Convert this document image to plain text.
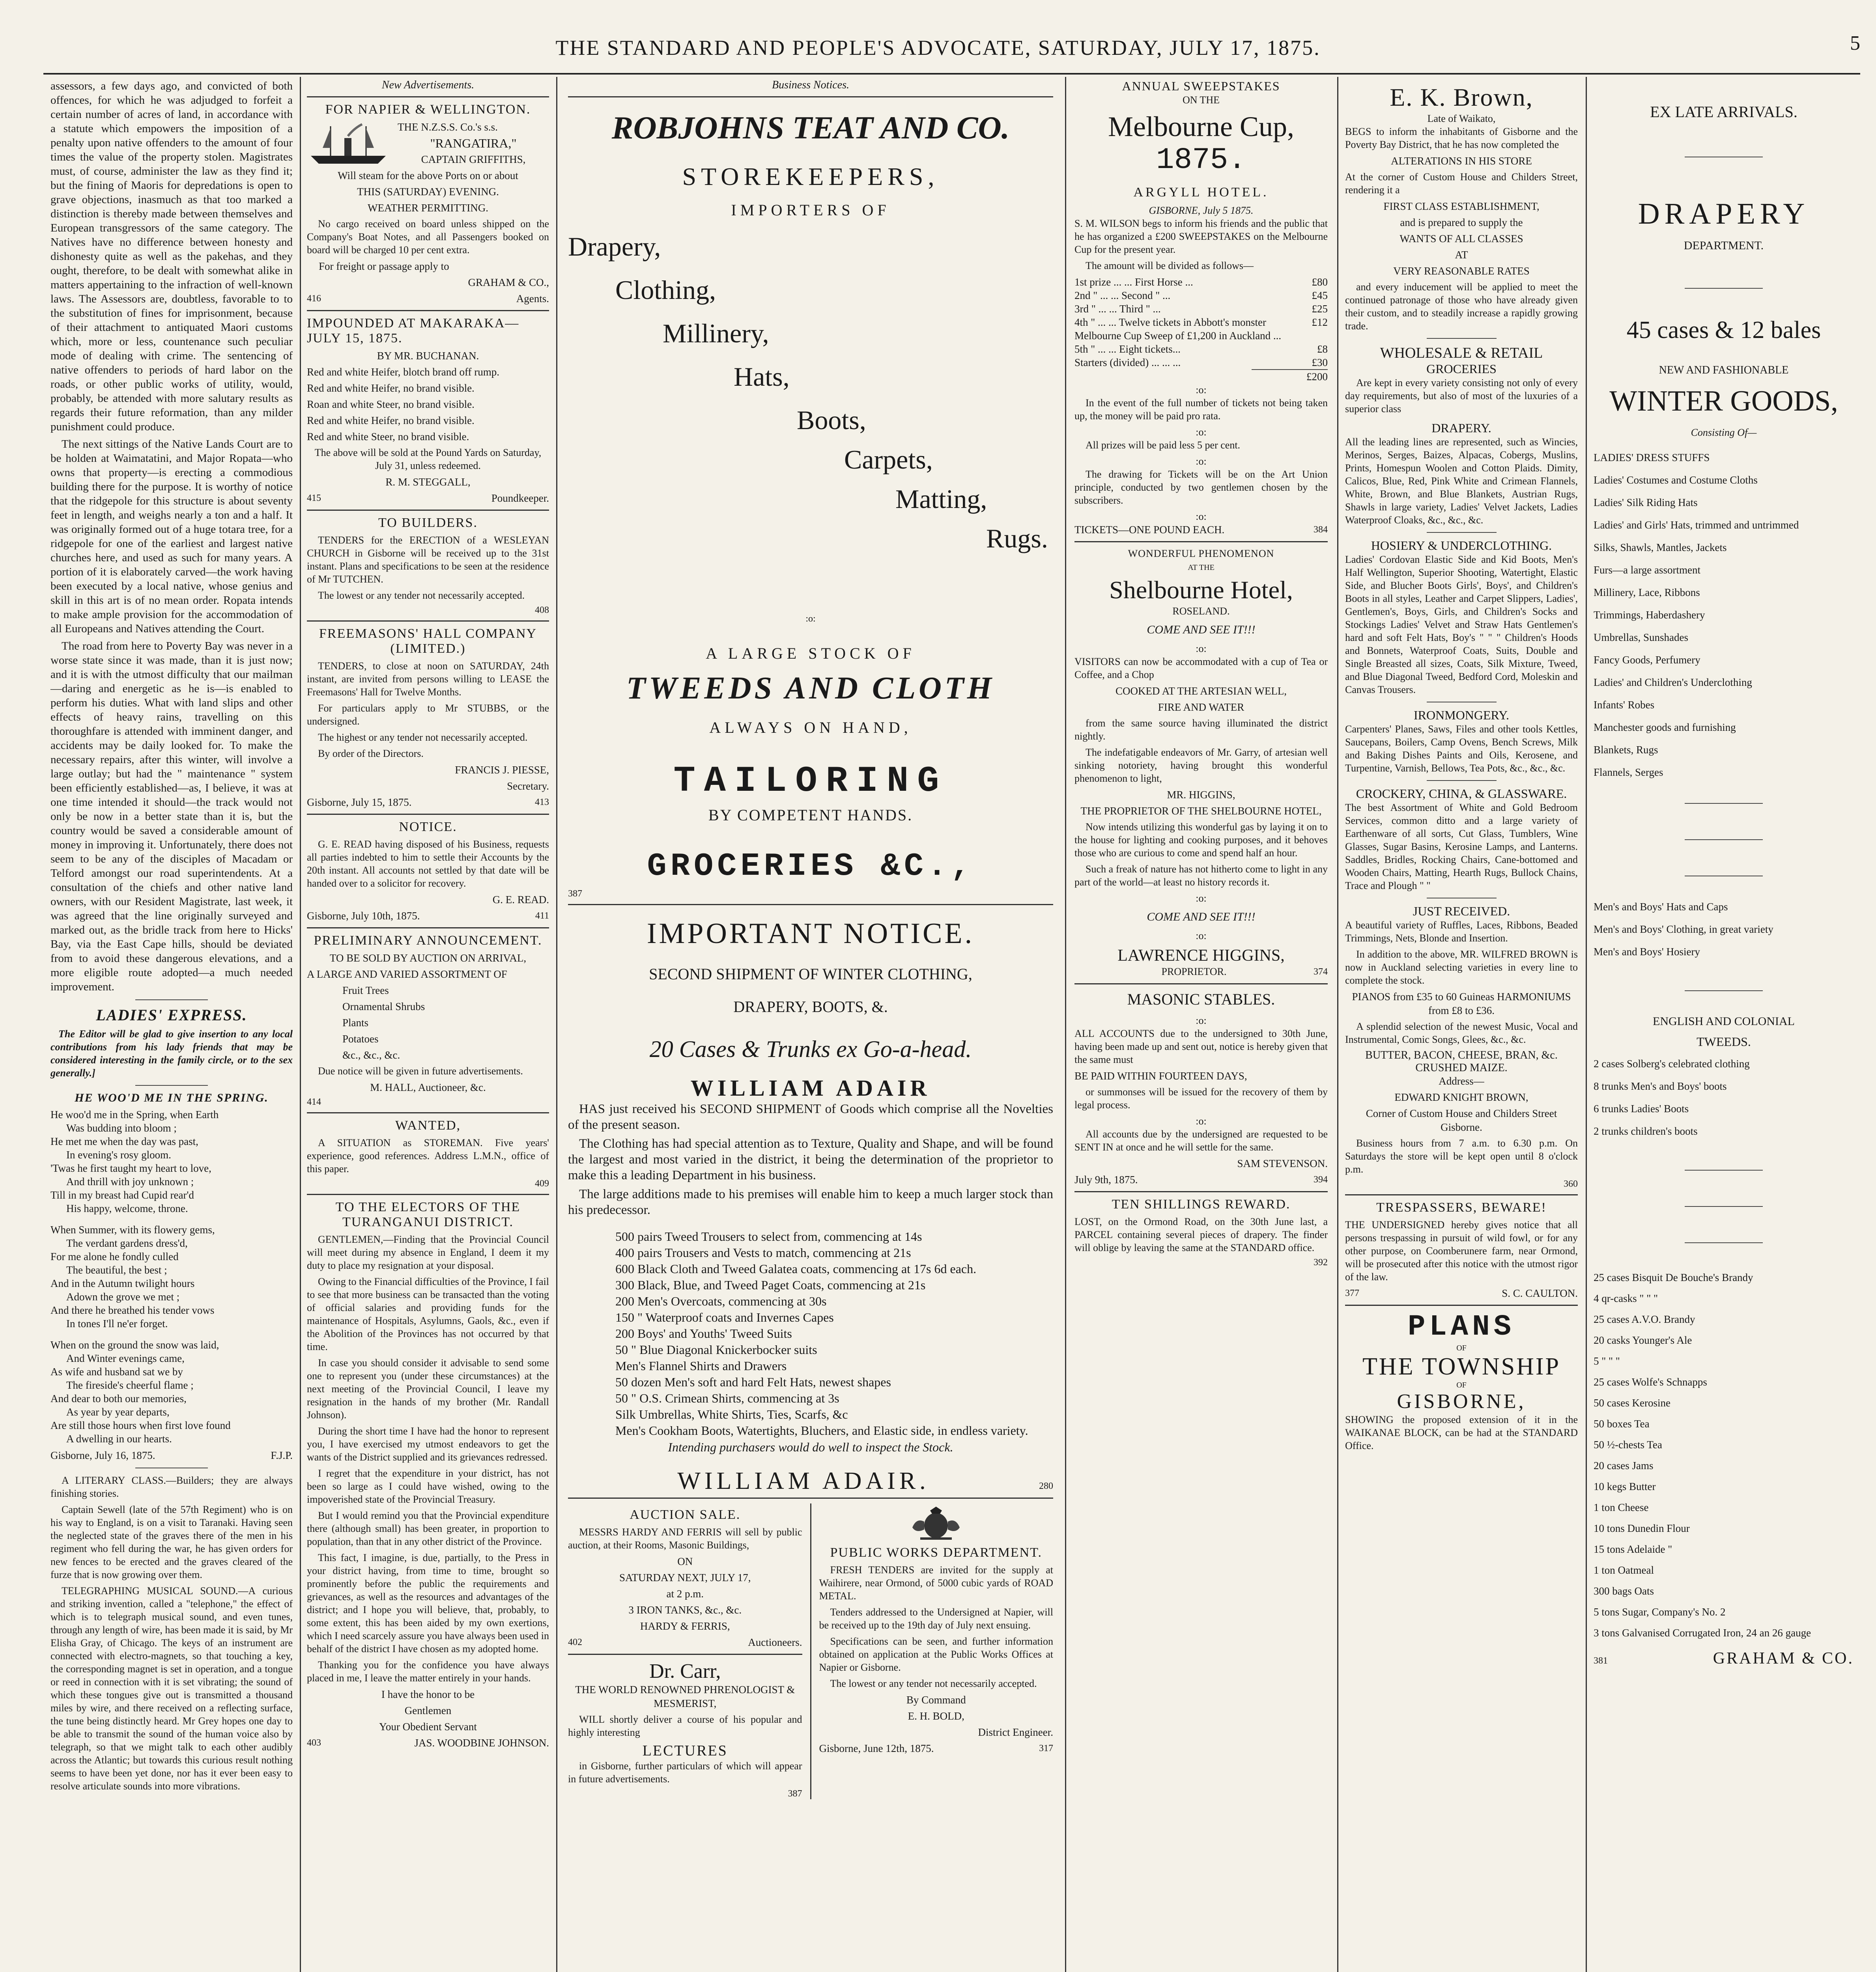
THE STANDARD AND PEOPLE'S ADVOCATE, SATURDAY, JULY 17, 1875.	5

assessors, a few days ago, and convicted of both offences, for which he was adjudged to forfeit a certain number of acres of land, in accordance with a statute which empowers the imposition of a penalty upon native offenders to the amount of four times the value of the property stolen. Magistrates must, of course, administer the law as they find it; but the fining of Maoris for depredations is open to grave objections, inasmuch as that too marked a distinction is thereby made between themselves and European transgressors of the same category. The Natives have no difference between honesty and dishonesty quite as well as the pakehas, and they ought, therefore, to be dealt with somewhat alike in matters appertaining to the infraction of well-known laws. The Assessors are, doubtless, favorable to to the substitution of fines for imprisonment, because of their attachment to antiquated Maori customs which, more or less, countenance such peculiar mode of dealing with crime. The sentencing of native offenders to periods of hard labor on the roads, or other public works of utility, would, probably, be attended with more salutary results as regards their future reformation, than any milder punishment could produce.

The next sittings of the Native Lands Court are to be holden at Waimatatini, and Major Ropata—who owns that property—is erecting a commodious building there for the purpose. It is worthy of notice that the ridgepole for this structure is about seventy feet in length, and weighs nearly a ton and a half. It was originally formed out of a huge totara tree, for a ridgepole for one of the earliest and largest native churches here, and used as such for many years. A portion of it is elaborately carved—the work having been executed by a local native, whose genius and skill in this art is of no mean order. Ropata intends to make ample provision for the accommodation of all Europeans and Natives attending the Court.

The road from here to Poverty Bay was never in a worse state since it was made, than it is just now; and it is with the utmost difficulty that our mailman—daring and energetic as he is—is enabled to perform his duties. What with land slips and other effects of heavy rains, travelling on this thoroughfare is attended with imminent danger, and accidents may be daily looked for. To make the necessary repairs, after this winter, will involve a large outlay; but had the " maintenance " system been efficiently established—as, I believe, it was at one time intended it should—the track would not only be now in a better state than it is, but the country would be saved a considerable amount of money in improving it. Unfortunately, there does not seem to be any of the disciples of Macadam or Telford amongst our road superintendents. At a consultation of the chiefs and other native land owners, with our Resident Magistrate, last week, it was agreed that the line originally surveyed and marked out, as the bridle track from here to Hicks' Bay, via the East Cape hills, should be deviated from to avoid these dangerous elevations, and a more eligible route adopted—a much needed improvement.

LADIES' EXPRESS.

The Editor will be glad to give insertion to any local contributions from his lady friends that may be considered interesting in the family circle, or to the sex generally.]

HE WOO'D ME IN THE SPRING.

He woo'd me in the Spring, when Earth

Was budding into bloom ;

He met me when the day was past,

In evening's rosy gloom.

'Twas he first taught my heart to love,

And thrill with joy unknown ;

Till in my breast had Cupid rear'd

His happy, welcome, throne.

When Summer, with its flowery gems,

The verdant gardens dress'd,

For me alone he fondly culled

The beautiful, the best ;

And in the Autumn twilight hours

Adown the grove we met ;

And there he breathed his tender vows

In tones I'll ne'er forget.

When on the ground the snow was laid,

And Winter evenings came,

As wife and husband sat we by

The fireside's cheerful flame ;

And dear to both our memories,

As year by year departs,

Are still those hours when first love found

A dwelling in our hearts.

Gisborne, July 16, 1875.	F.J.P.

A LITERARY CLASS.—Builders; they are always finishing stories.

Captain Sewell (late of the 57th Regiment) who is on his way to England, is on a visit to Taranaki. Having seen the neglected state of the graves there of the men in his regiment who fell during the war, he has given orders for new fences to be erected and the graves cleared of the furze that is now growing over them.

TELEGRAPHING MUSICAL SOUND.—A curious and striking invention, called a "telephone," the effect of which is to telegraph musical sound, and even tunes, through any length of wire, has been made it is said, by Mr Elisha Gray, of Chicago. The keys of an instrument are connected with electro-magnets, so that touching a key, the corresponding magnet is set in operation, and a tongue or reed in connection with it is set vibrating; the sound of which these tongues give out is transmitted a thousand miles by wire, and there received on a reflecting surface, the tune being distinctly heard. Mr Grey hopes one day to be able to transmit the sound of the human voice also by telegraph, so that we might talk to each other audibly across the Atlantic; but towards this curious result nothing seems to have been yet done, nor has it ever been easy to resolve articulate sounds into more vibrations.

New Advertisements.
FOR NAPIER & WELLINGTON.

THE N.Z.S.S. Co.'s s.s.

"RANGATIRA,"

CAPTAIN GRIFFITHS,

Will steam for the above Ports on or about

THIS (SATURDAY) EVENING.

WEATHER PERMITTING.

No cargo received on board unless shipped on the Company's Boat Notes, and all Passengers booked on board will be charged 10 per cent extra.

For freight or passage apply to

GRAHAM & CO.,

416	Agents.
IMPOUNDED AT MAKARAKA— JULY 15, 1875.

BY MR. BUCHANAN.

Red and white Heifer, blotch brand off rump.

Red and white Heifer, no brand visible.

Roan and white Steer, no brand visible.

Red and white Heifer, no brand visible.

Red and white Steer, no brand visible.

The above will be sold at the Pound Yards on Saturday, July 31, unless redeemed.

R. M. STEGGALL,

415	Poundkeeper.
TO BUILDERS.

TENDERS for the ERECTION of a WESLEYAN CHURCH in Gisborne will be received up to the 31st instant. Plans and specifications to be seen at the residence of Mr TUTCHEN.

The lowest or any tender not necessarily accepted.

408
FREEMASONS' HALL COMPANY (LIMITED.)

TENDERS, to close at noon on SATURDAY, 24th instant, are invited from persons willing to LEASE the Freemasons' Hall for Twelve Months.

For particulars apply to Mr STUBBS, or the undersigned.

The highest or any tender not necessarily accepted.

By order of the Directors.

FRANCIS J. PIESSE,

Secretary.

Gisborne, July 15, 1875.	413
NOTICE.

G. E. READ having disposed of his Business, requests all parties indebted to him to settle their Accounts by the 20th instant. All accounts not settled by that date will be handed over to a solicitor for recovery.

G. E. READ.

Gisborne, July 10th, 1875.	411
PRELIMINARY ANNOUNCEMENT.

TO BE SOLD BY AUCTION ON ARRIVAL,

A LARGE AND VARIED ASSORTMENT OF

Fruit Trees

Ornamental Shrubs

Plants

Potatoes

&c., &c., &c.

Due notice will be given in future advertisements.

M. HALL, Auctioneer, &c.

414
WANTED,

A SITUATION as STOREMAN. Five years' experience, good references. Address L.M.N., office of this paper.

409
TO THE ELECTORS OF THE TURANGANUI DISTRICT.

GENTLEMEN,—Finding that the Provincial Council will meet during my absence in England, I deem it my duty to place my resignation at your disposal.

Owing to the Financial difficulties of the Province, I fail to see that more business can be transacted than the voting of official salaries and providing funds for the maintenance of Hospitals, Asylumns, Gaols, &c., even if the Abolition of the Provinces has not occurred by that time.

In case you should consider it advisable to send some one to represent you (under these circumstances) at the next meeting of the Provincial Council, I leave my resignation in the hands of my brother (Mr. Randall Johnson).

During the short time I have had the honor to represent you, I have exercised my utmost endeavors to get the wants of the District supplied and its grievances redressed.

I regret that the expenditure in your district, has not been so large as I could have wished, owing to the impoverished state of the Provincial Treasury.

But I would remind you that the Provincial expenditure there (although small) has been greater, in proportion to population, than that in any other district of the Province.

This fact, I imagine, is due, partially, to the Press in your district having, from time to time, brought so prominently before the public the requirements and grievances, as well as the resources and advantages of the district; and I hope you will believe, that, probably, to some extent, this has been aided by my own exertions, which I need scarcely assure you have always been used in behalf of the district I have chosen as my adopted home.

Thanking you for the confidence you have always placed in me, I leave the matter entirely in your hands.

I have the honor to be

Gentlemen

Your Obedient Servant

403	JAS. WOODBINE JOHNSON.
Business Notices.
ROBJOHNS TEAT AND CO.
STOREKEEPERS,
IMPORTERS OF
Drapery,
Clothing,
Millinery,
Hats,
Boots,
Carpets,
Matting,
Rugs.
:o:
A LARGE STOCK OF
TWEEDS AND CLOTH
ALWAYS ON HAND,
TAILORING
BY COMPETENT HANDS.
GROCERIES &C.,
387
IMPORTANT NOTICE.
SECOND SHIPMENT OF WINTER CLOTHING,
DRAPERY, BOOTS, &.
20 Cases & Trunks ex Go-a-head.
WILLIAM ADAIR

HAS just received his SECOND SHIPMENT of Goods which comprise all the Novelties of the present season.

The Clothing has had special attention as to Texture, Quality and Shape, and will be found the largest and most varied in the district, it being the determination of the proprietor to make this a leading Department in his business.

The large additions made to his premises will enable him to keep a much larger stock than his predecessor.

500 pairs Tweed Trousers to select from, commencing at 14s

400 pairs Trousers and Vests to match, commencing at 21s

600 Black Cloth and Tweed Galatea coats, commencing at 17s 6d each.

300 Black, Blue, and Tweed Paget Coats, commencing at 21s

200 Men's Overcoats, commencing at 30s

150 " Waterproof coats and Invernes Capes

200 Boys' and Youths' Tweed Suits

50 " Blue Diagonal Knickerbocker suits

Men's Flannel Shirts and Drawers

50 dozen Men's soft and hard Felt Hats, newest shapes

50 " O.S. Crimean Shirts, commencing at 3s

Silk Umbrellas, White Shirts, Ties, Scarfs, &c

Men's Cookham Boots, Watertights, Bluchers, and Elastic side, in endless variety.

Intending purchasers would do well to inspect the Stock.
WILLIAM ADAIR.	280
AUCTION SALE.

MESSRS HARDY AND FERRIS will sell by public auction, at their Rooms, Masonic Buildings,

ON

SATURDAY NEXT, JULY 17,

at 2 p.m.

3 IRON TANKS, &c., &c.

HARDY & FERRIS,

402	Auctioneers.
Dr. Carr,

THE WORLD RENOWNED PHRENOLOGIST & MESMERIST,

WILL shortly deliver a course of his popular and highly interesting

LECTURES

in Gisborne, further particulars of which will appear in future advertisements.

387
PUBLIC WORKS DEPARTMENT.

FRESH TENDERS are invited for the supply at Waihirere, near Ormond, of 5000 cubic yards of ROAD METAL.

Tenders addressed to the Undersigned at Napier, will be received up to the 19th day of July next ensuing.

Specifications can be seen, and further information obtained on application at the Public Works Offices at Napier or Gisborne.

The lowest or any tender not necessarily accepted.

By Command

E. H. BOLD,

District Engineer.

Gisborne, June 12th, 1875.	317
ANNUAL SWEEPSTAKES
ON THE
Melbourne Cup,
1875.
ARGYLL HOTEL.
GISBORNE, July 5 1875.

S. M. WILSON begs to inform his friends and the public that he has organized a £200 SWEEPSTAKES on the Melbourne Cup for the present year.

The amount will be divided as follows—

1st prize ... ... First Horse ...	£80
2nd " ... ... Second " ...	£45
3rd " ... ... Third " ...	£25
4th " ... ... Twelve tickets in Abbott's monster Melbourne Cup Sweep of £1,200 in Auckland ...
£12
5th " ... ... Eight tickets...	£8
Starters (divided) ... ... ...	£30
£200
:o:

In the event of the full number of tickets not being taken up, the money will be paid pro rata.

:o:

All prizes will be paid less 5 per cent.

:o:

The drawing for Tickets will be on the Art Union principle, conducted by two gentlemen chosen by the subscribers.

:o:
TICKETS—ONE POUND EACH.	384
WONDERFUL PHENOMENON
AT THE
Shelbourne Hotel,
ROSELAND.
COME AND SEE IT!!!
:o:

VISITORS can now be accommodated with a cup of Tea or Coffee, and a Chop

COOKED AT THE ARTESIAN WELL,

FIRE AND WATER

from the same source having illuminated the district nightly.

The indefatigable endeavors of Mr. Garry, of artesian well sinking notoriety, having brought this wonderful phenomenon to light,

MR. HIGGINS,

THE PROPRIETOR OF THE SHELBOURNE HOTEL,

Now intends utilizing this wonderful gas by laying it on to the house for lighting and cooking purposes, and it behoves those who are curious to come and spend half an hour.

Such a freak of nature has not hitherto come to light in any part of the world—at least no history records it.

:o:
COME AND SEE IT!!!
:o:
LAWRENCE HIGGINS,
PROPRIETOR.	374
MASONIC STABLES.
:o:

ALL ACCOUNTS due to the undersigned to 30th June, having been made up and sent out, notice is hereby given that the same must

BE PAID WITHIN FOURTEEN DAYS,

or summonses will be issued for the recovery of them by legal process.

:o:

All accounts due by the undersigned are requested to be SENT IN at once and he will settle for the same.

SAM STEVENSON.

July 9th, 1875.	394
TEN SHILLINGS REWARD.

LOST, on the Ormond Road, on the 30th June last, a PARCEL containing several pieces of drapery. The finder will oblige by leaving the same at the STANDARD office.

392
E. K. Brown,
Late of Waikato,

BEGS to inform the inhabitants of Gisborne and the Poverty Bay District, that he has now completed the

ALTERATIONS IN HIS STORE

At the corner of Custom House and Childers Street, rendering it a

FIRST CLASS ESTABLISHMENT,

and is prepared to supply the

WANTS OF ALL CLASSES

AT

VERY REASONABLE RATES

and every inducement will be applied to meet the continued patronage of those who have already given their custom, and to steadily increase a rapidly growing trade.

WHOLESALE & RETAIL
GROCERIES

Are kept in every variety consisting not only of every day requirements, but also of most of the luxuries of a superior class

DRAPERY.

All the leading lines are represented, such as Wincies, Merinos, Serges, Baizes, Alpacas, Cobergs, Muslins, Prints, Homespun Woolen and Cotton Plaids. Dimity, Calicos, Blue, Red, Pink White and Crimean Flannels, White, Brown, and Blue Blankets, Austrian Rugs, Shawls in large variety, Ladies' Velvet Jackets, Ladies Waterproof Cloaks, &c., &c., &c.

HOSIERY & UNDERCLOTHING.

Ladies' Cordovan Elastic Side and Kid Boots, Men's Half Wellington, Superior Shooting, Watertight, Elastic Side, and Blucher Boots Girls', Boys', and Children's Boots in all styles, Leather and Carpet Slippers, Ladies', Gentlemen's, Boys, Girls, and Children's Socks and Stockings Ladies' Velvet and Straw Hats Gentlemen's hard and soft Felt Hats, Boy's " " " Children's Hoods and Bonnets, Waterproof Coats, Suits, Double and Single Breasted all sizes, Coats, Silk Mixture, Tweed, and Blue Diagonal Tweed, Bedford Cord, Moleskin and Canvas Trousers.

IRONMONGERY.

Carpenters' Planes, Saws, Files and other tools Kettles, Saucepans, Boilers, Camp Ovens, Bench Screws, Milk and Baking Dishes Paints and Oils, Kerosene, and Turpentine, Varnish, Bellows, Tea Pots, &c., &c., &c.

CROCKERY, CHINA, & GLASSWARE.

The best Assortment of White and Gold Bedroom Services, common ditto and a large variety of Earthenware of all sorts, Cut Glass, Tumblers, Wine Glasses, Sugar Basins, Kerosine Lamps, and Lanterns. Saddles, Bridles, Rocking Chairs, Cane-bottomed and Wooden Chairs, Matting, Hearth Rugs, Bullock Chains, Trace and Plough " "

JUST RECEIVED.

A beautiful variety of Ruffles, Laces, Ribbons, Beaded Trimmings, Nets, Blonde and Insertion.

In addition to the above, MR. WILFRED BROWN is now in Auckland selecting varieties in every line to complete the stock.

PIANOS from £35 to 60 Guineas HARMONIUMS from £8 to £36.

A splendid selection of the newest Music, Vocal and Instrumental, Comic Songs, Glees, &c., &c.

BUTTER, BACON, CHEESE, BRAN, &c.
CRUSHED MAIZE.

Address—

EDWARD KNIGHT BROWN,

Corner of Custom House and Childers Street Gisborne.

Business hours from 7 a.m. to 6.30 p.m. On Saturdays the store will be kept open until 8 o'clock p.m.

360
TRESPASSERS, BEWARE!

THE UNDERSIGNED hereby gives notice that all persons trespassing in pursuit of wild fowl, or for any other purpose, on Coomberunere farm, near Ormond, will be prosecuted after this notice with the utmost rigor of the law.

377	S. C. CAULTON.
PLANS
OF
THE TOWNSHIP
OF
GISBORNE,

SHOWING the proposed extension of it in the WAIKANAE BLOCK, can be had at the STANDARD Office.

EX LATE ARRIVALS.
DRAPERY
DEPARTMENT.
45 cases & 12 bales
NEW AND FASHIONABLE
WINTER GOODS,
Consisting Of—

LADIES' DRESS STUFFS

Ladies' Costumes and Costume Cloths

Ladies' Silk Riding Hats

Ladies' and Girls' Hats, trimmed and untrimmed

Silks, Shawls, Mantles, Jackets

Furs—a large assortment

Millinery, Lace, Ribbons

Trimmings, Haberdashery

Umbrellas, Sunshades

Fancy Goods, Perfumery

Ladies' and Children's Underclothing

Infants' Robes

Manchester goods and furnishing

Blankets, Rugs

Flannels, Serges

Men's and Boys' Hats and Caps

Men's and Boys' Clothing, in great variety

Men's and Boys' Hosiery

ENGLISH AND COLONIAL
TWEEDS.

2 cases Solberg's celebrated clothing

8 trunks Men's and Boys' boots

6 trunks Ladies' Boots

2 trunks children's boots

25 cases Bisquit De Bouche's Brandy

4 qr-casks " " "

25 cases A.V.O. Brandy

20 casks Younger's Ale

5 " " "

25 cases Wolfe's Schnapps

50 cases Kerosine

50 boxes Tea

50 ½-chests Tea

20 cases Jams

10 kegs Butter

1 ton Cheese

10 tons Dunedin Flour

15 tons Adelaide "

1 ton Oatmeal

300 bags Oats

5 tons Sugar, Company's No. 2

3 tons Galvanised Corrugated Iron, 24 an 26 gauge

381	GRAHAM & CO.
